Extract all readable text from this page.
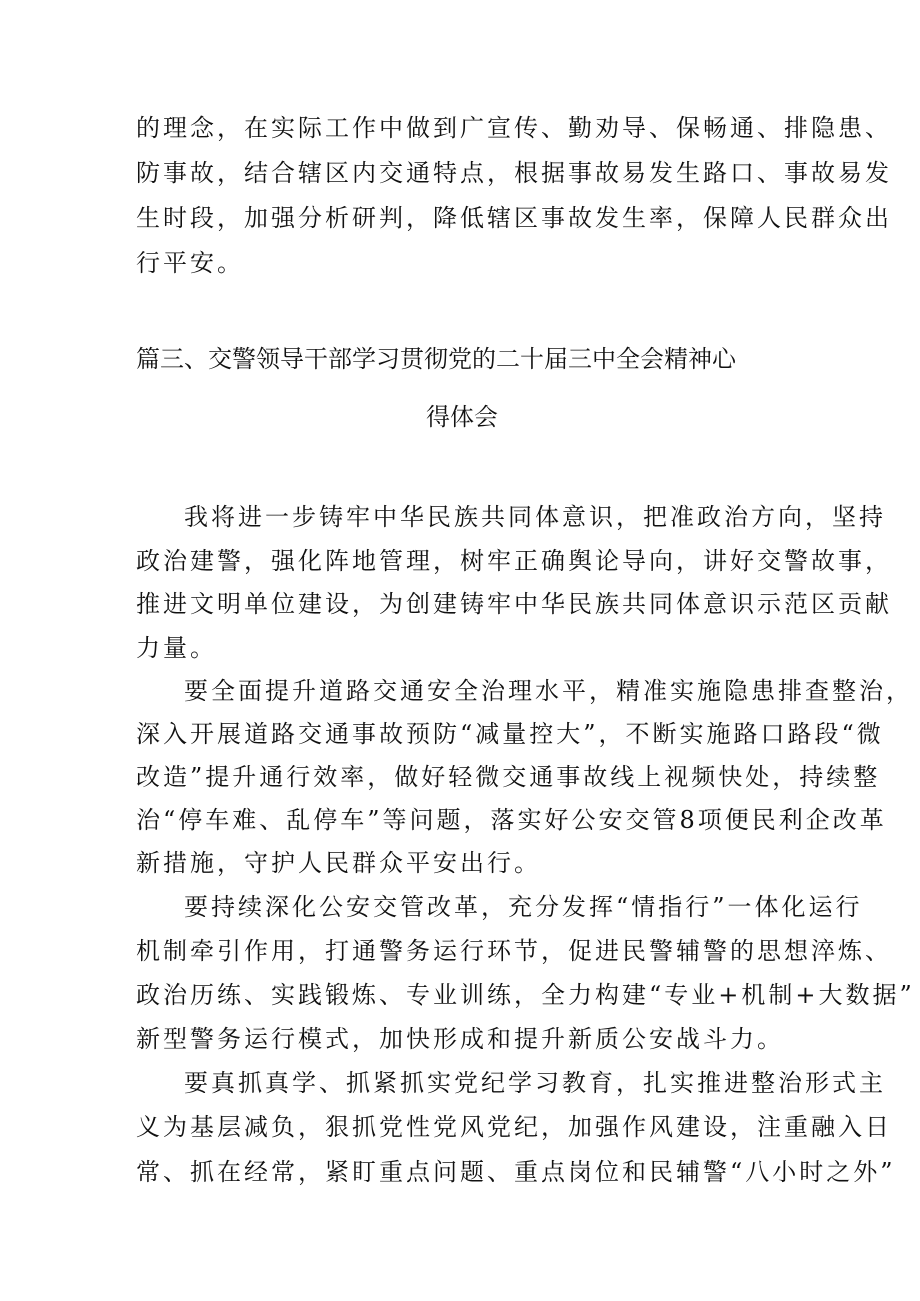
的理念，在实际工作中做到广宣传、勤劝导、保畅通、排隐患、
防事故，结合辖区内交通特点，根据事故易发生路口、事故易发
生时段，加强分析研判，降低辖区事故发生率，保障人民群众出
行平安。
篇三、交警领导干部学习贯彻党的二十届三中全会精神心
得体会
我将进一步铸牢中华民族共同体意识，把准政治方向，坚持
政治建警，强化阵地管理，树牢正确舆论导向，讲好交警故事，
推进文明单位建设，为创建铸牢中华民族共同体意识示范区贡献
力量。
要全面提升道路交通安全治理水平，精准实施隐患排查整治，
深入开展道路交通事故预防“减量控大”，不断实施路口路段“微
改造”提升通行效率，做好轻微交通事故线上视频快处，持续整
治“停车难、乱停车”等问题，落实好公安交管8项便民利企改革
新措施，守护人民群众平安出行。
要持续深化公安交管改革，充分发挥“情指行”一体化运行
机制牵引作用，打通警务运行环节，促进民警辅警的思想淬炼、
政治历练、实践锻炼、专业训练，全力构建“专业+机制+大数据”
新型警务运行模式，加快形成和提升新质公安战斗力。
要真抓真学、抓紧抓实党纪学习教育，扎实推进整治形式主
义为基层减负，狠抓党性党风党纪，加强作风建设，注重融入日
常、抓在经常，紧盯重点问题、重点岗位和民辅警“八小时之外”
